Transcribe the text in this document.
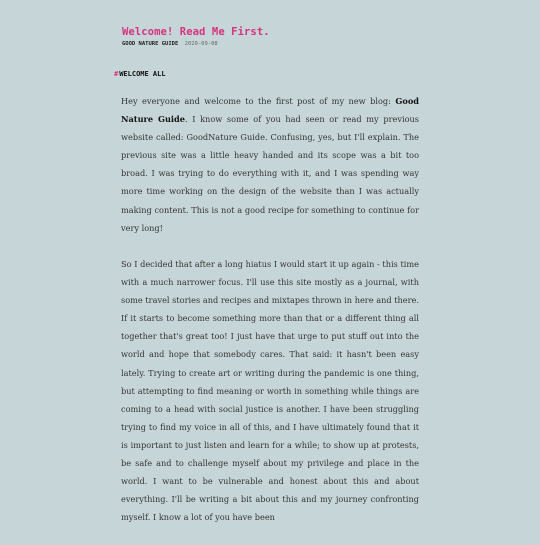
Welcome! Read Me First.
GOOD NATURE GUIDE 2020-09-08
#WELCOME ALL

Hey everyone and welcome to the first post of my new blog: Good Nature Guide. I know some of you had seen or read my previous website called: GoodNature Guide. Confusing, yes, but I'll explain. The previous site was a little heavy handed and its scope was a bit too broad. I was trying to do everything with it, and I was spending way more time working on the design of the website than I was actually making content. This is not a good recipe for something to continue for very long!

So I decided that after a long hiatus I would start it up again - this time with a much narrower focus. I'll use this site mostly as a journal, with some travel stories and recipes and mixtapes thrown in here and there. If it starts to become something more than that or a different thing all together that's great too! I just have that urge to put stuff out into the world and hope that somebody cares. That said: it hasn't been easy lately. Trying to create art or writing during the pandemic is one thing, but attempting to find meaning or worth in something while things are coming to a head with social justice is another. I have been struggling trying to find my voice in all of this, and I have ultimately found that it is important to just listen and learn for a while; to show up at protests, be safe and to challenge myself about my privilege and place in the world. I want to be vulnerable and honest about this and about everything. I'll be writing a bit about this and my journey confronting myself. I know a lot of you have been
